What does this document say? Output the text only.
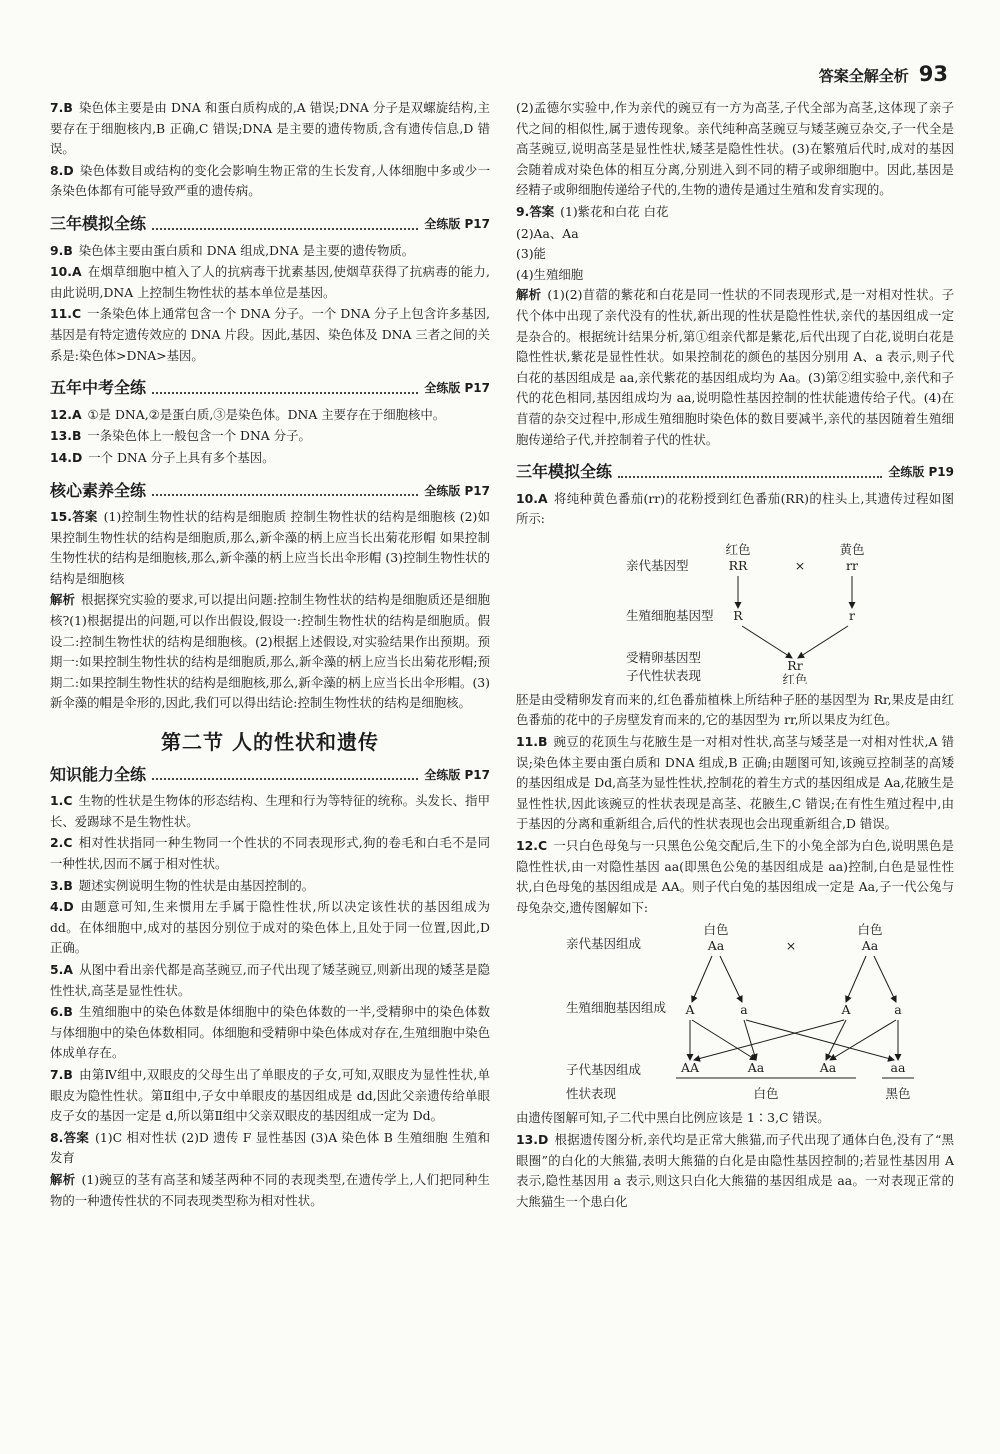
答案全解全析 93
7.B 染色体主要是由 DNA 和蛋白质构成的,A 错误;DNA 分子是双螺旋结构,主要存在于细胞核内,B 正确,C 错误;DNA 是主要的遗传物质,含有遗传信息,D 错误。
8.D 染色体数目或结构的变化会影响生物正常的生长发育,人体细胞中多或少一条染色体都有可能导致严重的遗传病。
三年模拟全练	全练版 P17
9.B 染色体主要由蛋白质和 DNA 组成,DNA 是主要的遗传物质。
10.A 在烟草细胞中植入了人的抗病毒干扰素基因,使烟草获得了抗病毒的能力,由此说明,DNA 上控制生物性状的基本单位是基因。
11.C 一条染色体上通常包含一个 DNA 分子。一个 DNA 分子上包含许多基因,基因是有特定遗传效应的 DNA 片段。因此,基因、染色体及 DNA 三者之间的关系是:染色体>DNA>基因。
五年中考全练	全练版 P17
12.A ①是 DNA,②是蛋白质,③是染色体。DNA 主要存在于细胞核中。
13.B 一条染色体上一般包含一个 DNA 分子。
14.D 一个 DNA 分子上具有多个基因。
核心素养全练	全练版 P17
15.答案 (1)控制生物性状的结构是细胞质 控制生物性状的结构是细胞核 (2)如果控制生物性状的结构是细胞质,那么,新伞藻的柄上应当长出菊花形帽 如果控制生物性状的结构是细胞核,那么,新伞藻的柄上应当长出伞形帽 (3)控制生物性状的结构是细胞核
解析 根据探究实验的要求,可以提出问题:控制生物性状的结构是细胞质还是细胞核?(1)根据提出的问题,可以作出假设,假设一:控制生物性状的结构是细胞质。假设二:控制生物性状的结构是细胞核。(2)根据上述假设,对实验结果作出预期。预期一:如果控制生物性状的结构是细胞质,那么,新伞藻的柄上应当长出菊花形帽;预期二:如果控制生物性状的结构是细胞核,那么,新伞藻的柄上应当长出伞形帽。(3)新伞藻的帽是伞形的,因此,我们可以得出结论:控制生物性状的结构是细胞核。
第二节 人的性状和遗传
知识能力全练	全练版 P17
1.C 生物的性状是生物体的形态结构、生理和行为等特征的统称。头发长、指甲长、爱踢球不是生物性状。
2.C 相对性状指同一种生物同一个性状的不同表现形式,狗的卷毛和白毛不是同一种性状,因而不属于相对性状。
3.B 题述实例说明生物的性状是由基因控制的。
4.D 由题意可知,生来惯用左手属于隐性性状,所以决定该性状的基因组成为 dd。在体细胞中,成对的基因分别位于成对的染色体上,且处于同一位置,因此,D 正确。
5.A 从图中看出亲代都是高茎豌豆,而子代出现了矮茎豌豆,则新出现的矮茎是隐性性状,高茎是显性性状。
6.B 生殖细胞中的染色体数是体细胞中的染色体数的一半,受精卵中的染色体数与体细胞中的染色体数相同。体细胞和受精卵中染色体成对存在,生殖细胞中染色体成单存在。
7.B 由第Ⅳ组中,双眼皮的父母生出了单眼皮的子女,可知,双眼皮为显性性状,单眼皮为隐性性状。第Ⅱ组中,子女中单眼皮的基因组成是 dd,因此父亲遗传给单眼皮子女的基因一定是 d,所以第Ⅱ组中父亲双眼皮的基因组成一定为 Dd。
8.答案 (1)C 相对性状 (2)D 遗传 F 显性基因 (3)A 染色体 B 生殖细胞 生殖和发育
解析 (1)豌豆的茎有高茎和矮茎两种不同的表现类型,在遗传学上,人们把同种生物的一种遗传性状的不同表现类型称为相对性状。
(2)孟德尔实验中,作为亲代的豌豆有一方为高茎,子代全部为高茎,这体现了亲子代之间的相似性,属于遗传现象。亲代纯种高茎豌豆与矮茎豌豆杂交,子一代全是高茎豌豆,说明高茎是显性性状,矮茎是隐性性状。(3)在繁殖后代时,成对的基因会随着成对染色体的相互分离,分别进入到不同的精子或卵细胞中。因此,基因是经精子或卵细胞传递给子代的,生物的遗传是通过生殖和发育实现的。
9.答案 (1)紫花和白花 白花
(2)Aa、Aa
(3)能
(4)生殖细胞
解析 (1)(2)苜蓿的紫花和白花是同一性状的不同表现形式,是一对相对性状。子代个体中出现了亲代没有的性状,新出现的性状是隐性性状,亲代的基因组成一定是杂合的。根据统计结果分析,第①组亲代都是紫花,后代出现了白花,说明白花是隐性性状,紫花是显性性状。如果控制花的颜色的基因分别用 A、a 表示,则子代白花的基因组成是 aa,亲代紫花的基因组成均为 Aa。(3)第②组实验中,亲代和子代的花色相同,基因组成均为 aa,说明隐性基因控制的性状能遗传给子代。(4)在苜蓿的杂交过程中,形成生殖细胞时染色体的数目要减半,亲代的基因随着生殖细胞传递给子代,并控制着子代的性状。
三年模拟全练	全练版 P19
10.A 将纯种黄色番茄(rr)的花粉授到红色番茄(RR)的柱头上,其遗传过程如图所示:
亲代基因型
红色
RR	×
黄色
rr
生殖细胞基因型 R	r
受精卵基因型
子代性状表现
Rr
红色
胚是由受精卵发育而来的,红色番茄植株上所结种子胚的基因型为 Rr,果皮是由红色番茄的花中的子房壁发育而来的,它的基因型为 rr,所以果皮为红色。
11.B 豌豆的花顶生与花腋生是一对相对性状,高茎与矮茎是一对相对性状,A 错误;染色体主要由蛋白质和 DNA 组成,B 正确;由题图可知,该豌豆控制茎的高矮的基因组成是 Dd,高茎为显性性状,控制花的着生方式的基因组成是 Aa,花腋生是显性性状,因此该豌豆的性状表现是高茎、花腋生,C 错误;在有性生殖过程中,由于基因的分离和重新组合,后代的性状表现也会出现重新组合,D 错误。
12.C 一只白色母兔与一只黑色公兔交配后,生下的小兔全部为白色,说明黑色是隐性性状,由一对隐性基因 aa(即黑色公兔的基因组成是 aa)控制,白色是显性性状,白色母兔的基因组成是 AA。则子代白兔的基因组成一定是 Aa,子一代公兔与母兔杂交,遗传图解如下:
亲代基因组成
白色
Aa	×
白色
Aa
生殖细胞基因组成 A	a	A	a
子代基因组成	AA	Aa	Aa	aa
性状表现	白色	黑色
由遗传图解可知,子二代中黑白比例应该是 1∶3,C 错误。
13.D 根据遗传图分析,亲代均是正常大熊猫,而子代出现了通体白色,没有了“黑眼圈”的白化的大熊猫,表明大熊猫的白化是由隐性基因控制的;若显性基因用 A 表示,隐性基因用 a 表示,则这只白化大熊猫的基因组成是 aa。一对表现正常的大熊猫生一个患白化
